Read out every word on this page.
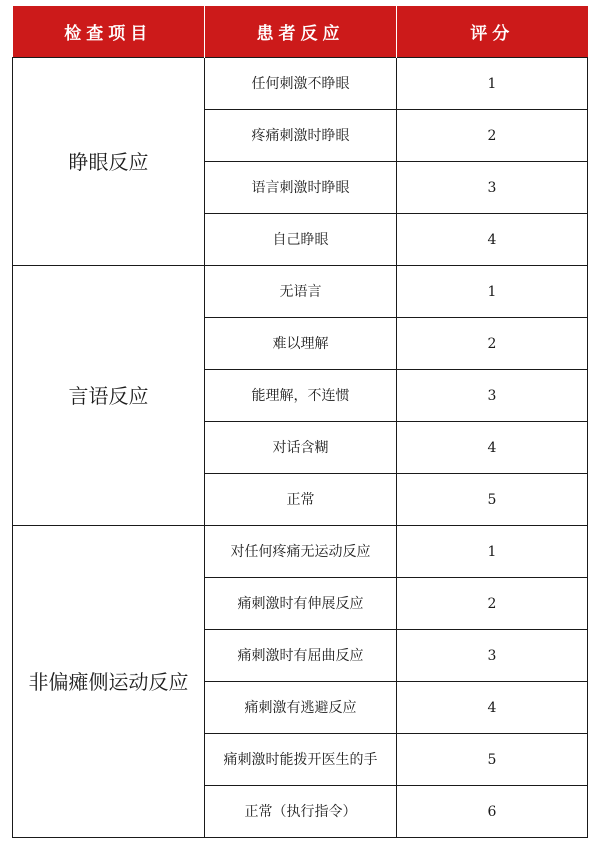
检查项目	患者反应	评分
睁眼反应	任何刺激不睁眼	1
	疼痛刺激时睁眼	2
	语言刺激时睁眼	3
	自己睁眼	4
言语反应	无语言	1
	难以理解	2
	能理解，不连惯	3
	对话含糊	4
	正常	5
非偏瘫侧运动反应	对任何疼痛无运动反应	1
	痛刺激时有伸展反应	2
	痛刺激时有屈曲反应	3
	痛刺激有逃避反应	4
	痛刺激时能拨开医生的手	5
	正常（执行指令）	6
